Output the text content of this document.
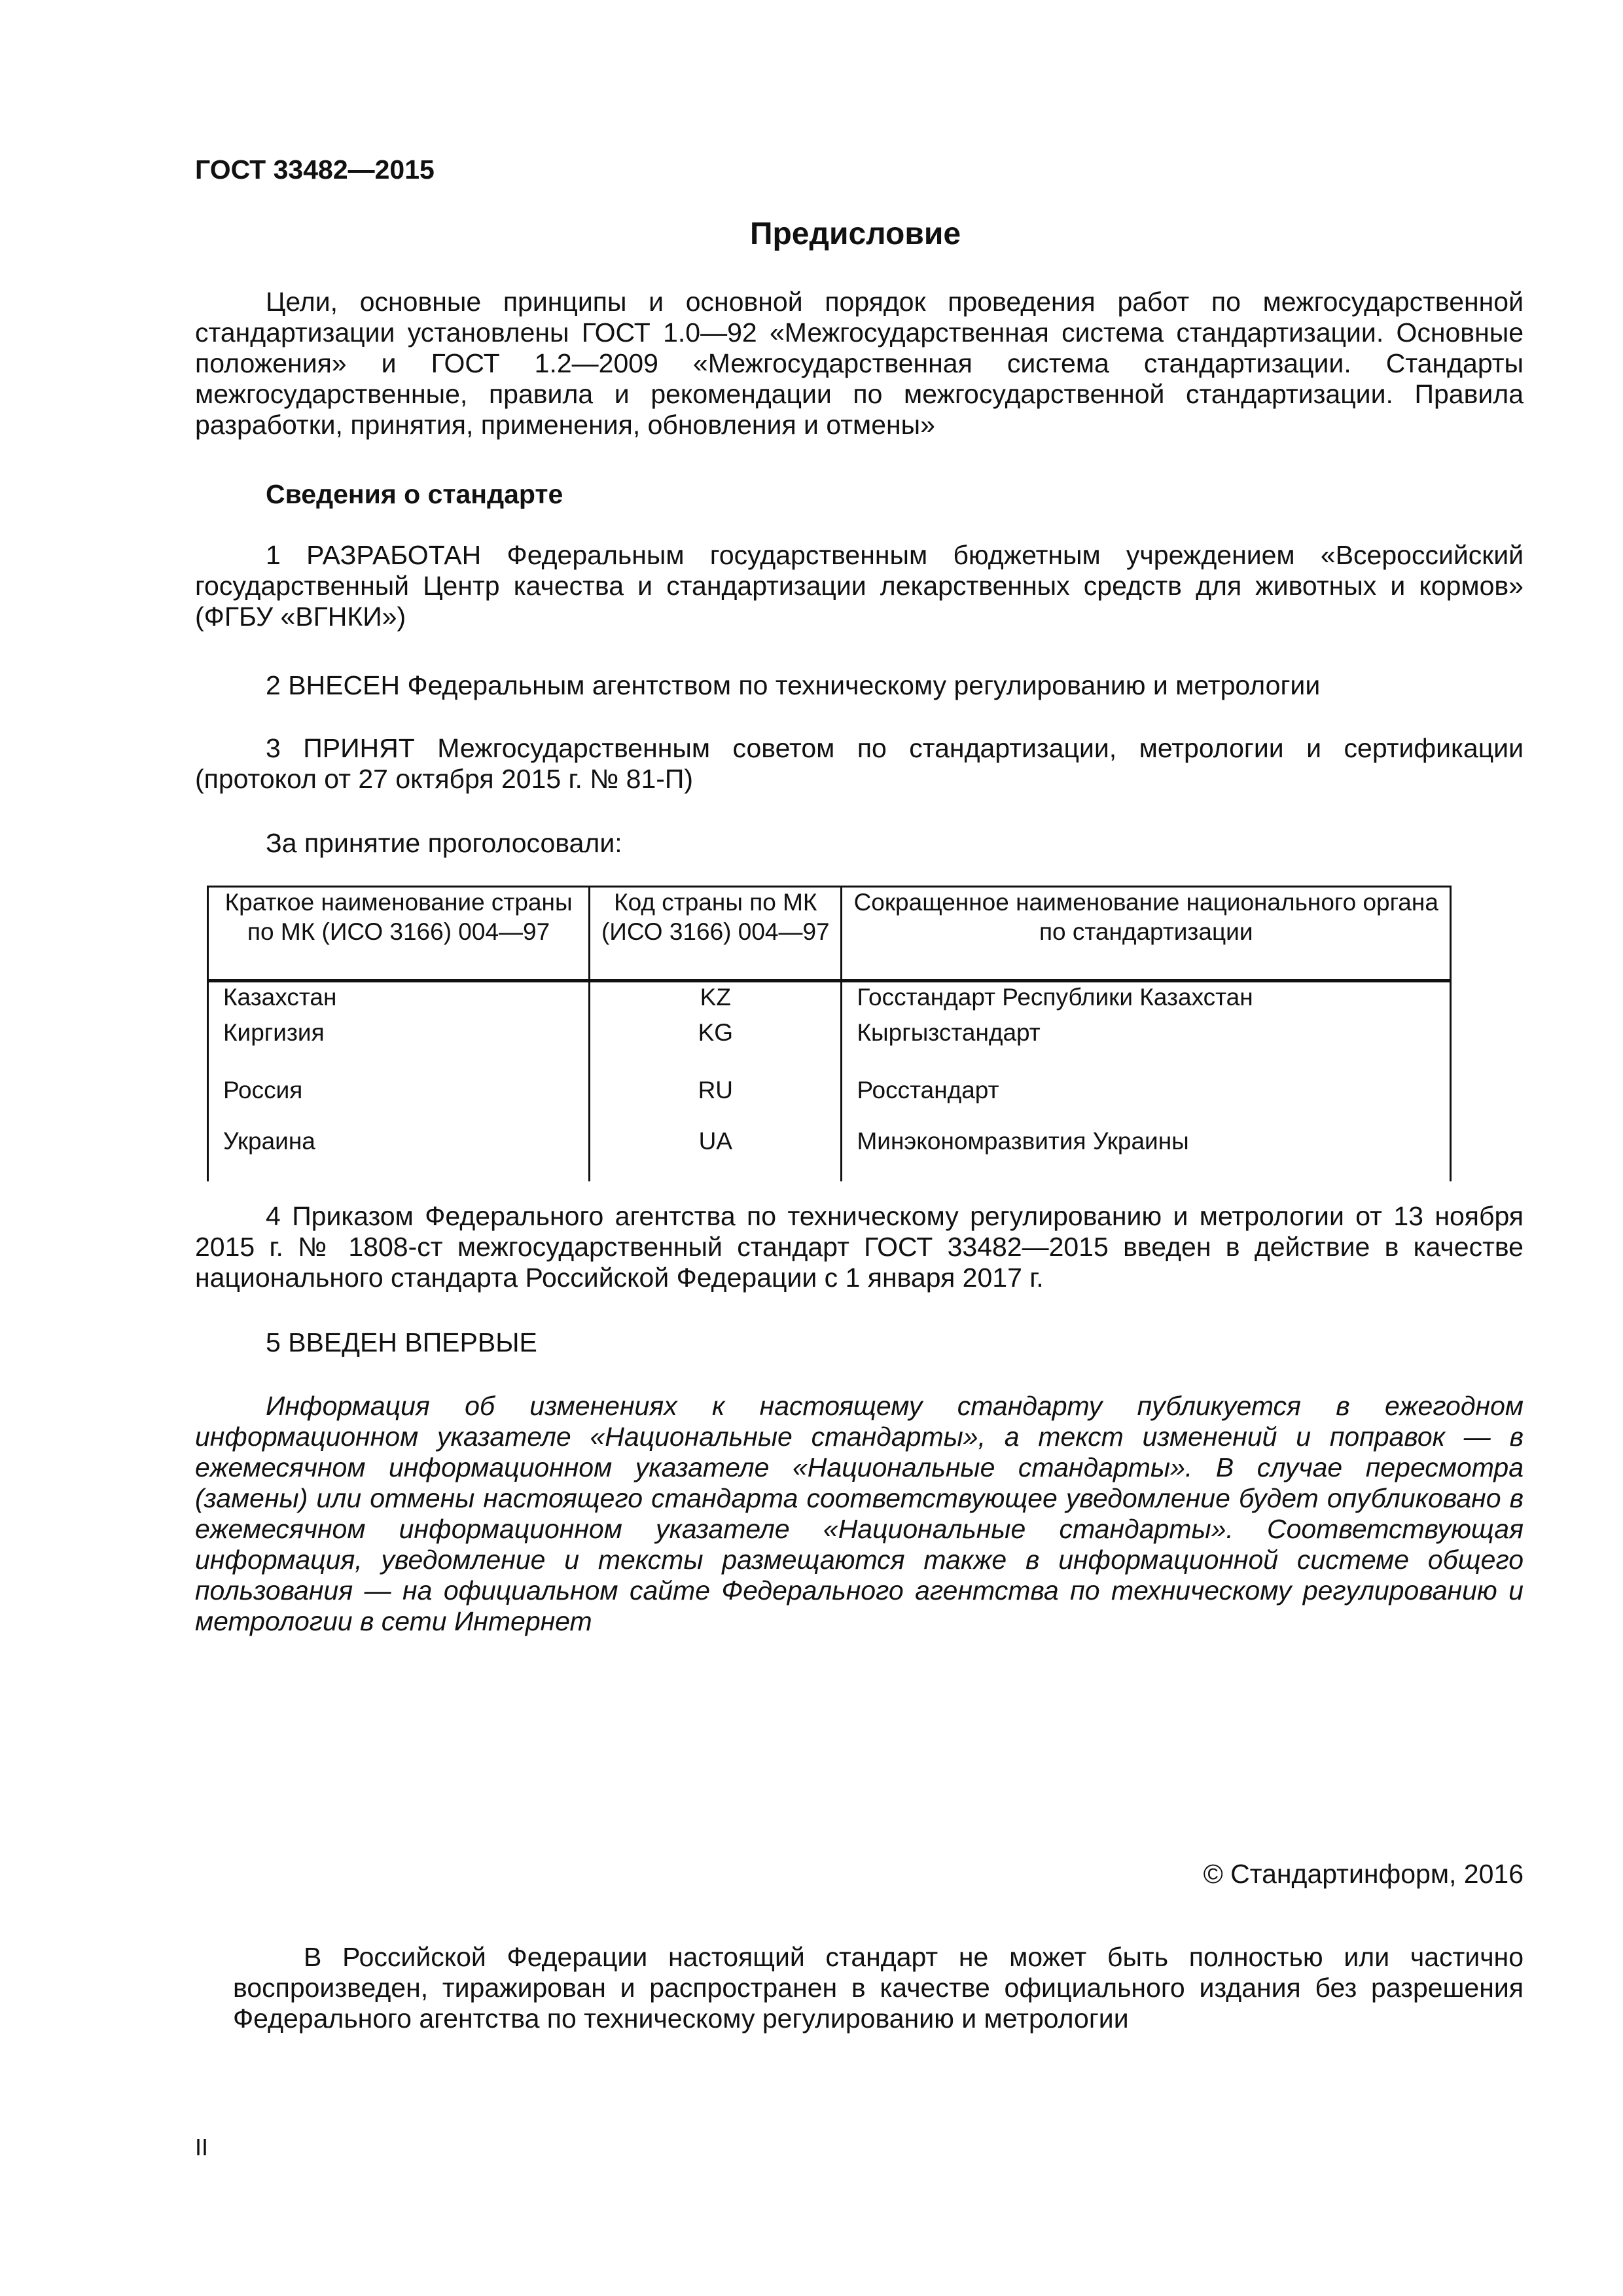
ГОСТ 33482—2015
Предисловие
Цели, основные принципы и основной порядок проведения работ по межгосударственной стандартизации установлены ГОСТ 1.0—92 «Межгосударственная система стандартизации. Основные положения» и ГОСТ 1.2—2009 «Межгосударственная система стандартизации. Стандарты межгосударственные, правила и рекомендации по межгосударственной стандартизации. Правила разработки, принятия, применения, обновления и отмены»
Сведения о стандарте
1 РАЗРАБОТАН Федеральным государственным бюджетным учреждением «Всероссийский государственный Центр качества и стандартизации лекарственных средств для животных и кормов» (ФГБУ «ВГНКИ»)
2 ВНЕСЕН Федеральным агентством по техническому регулированию и метрологии
3 ПРИНЯТ Межгосударственным советом по стандартизации, метрологии и сертификации (протокол от 27 октября 2015 г. № 81-П)
За принятие проголосовали:
Краткое наименование страны по МК (ИСО 3166) 004—97	Код страны по МК (ИСО 3166) 004—97	Сокращенное наименование национального органа по стандартизации
Казахстан	KZ	Госстандарт Республики Казахстан
Киргизия	KG	Кыргызстандарт
Россия	RU	Росстандарт
Украина	UA	Минэкономразвития Украины
4 Приказом Федерального агентства по техническому регулированию и метрологии от 13 ноября 2015 г. № 1808-ст межгосударственный стандарт ГОСТ 33482—2015 введен в действие в качестве национального стандарта Российской Федерации с 1 января 2017 г.
5 ВВЕДЕН ВПЕРВЫЕ
Информация об изменениях к настоящему стандарту публикуется в ежегодном информационном указателе «Национальные стандарты», а текст изменений и поправок — в ежемесячном информационном указателе «Национальные стандарты». В случае пересмотра (замены) или отмены настоящего стандарта соответствующее уведомление будет опубликовано в ежемесячном информационном указателе «Национальные стандарты». Соответствующая информация, уведомление и тексты размещаются также в информационной системе общего пользования — на официальном сайте Федерального агентства по техническому регулированию и метрологии в сети Интернет
© Стандартинформ, 2016
В Российской Федерации настоящий стандарт не может быть полностью или частично воспроизведен, тиражирован и распространен в качестве официального издания без разрешения Федерального агентства по техническому регулированию и метрологии
II
